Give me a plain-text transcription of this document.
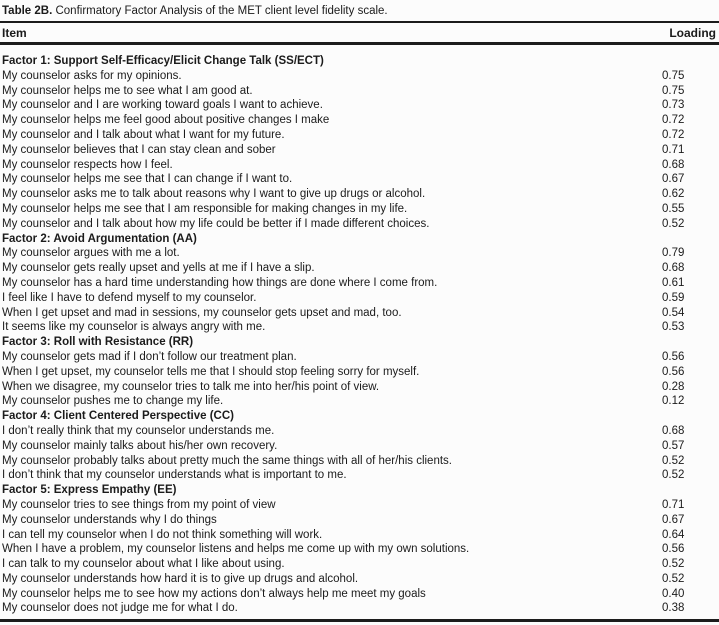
Table 2B. Confirmatory Factor Analysis of the MET client level fidelity scale.
Item	Loading
Factor 1: Support Self-Efficacy/Elicit Change Talk (SS/ECT)
My counselor asks for my opinions.	0.75
My counselor helps me to see what I am good at.	0.75
My counselor and I are working toward goals I want to achieve.	0.73
My counselor helps me feel good about positive changes I make	0.72
My counselor and I talk about what I want for my future.	0.72
My counselor believes that I can stay clean and sober	0.71
My counselor respects how I feel.	0.68
My counselor helps me see that I can change if I want to.	0.67
My counselor asks me to talk about reasons why I want to give up drugs or alcohol.	0.62
My counselor helps me see that I am responsible for making changes in my life.	0.55
My counselor and I talk about how my life could be better if I made different choices.	0.52
Factor 2: Avoid Argumentation (AA)
My counselor argues with me a lot.	0.79
My counselor gets really upset and yells at me if I have a slip.	0.68
My counselor has a hard time understanding how things are done where I come from.	0.61
I feel like I have to defend myself to my counselor.	0.59
When I get upset and mad in sessions, my counselor gets upset and mad, too.	0.54
It seems like my counselor is always angry with me.	0.53
Factor 3: Roll with Resistance (RR)
My counselor gets mad if I don’t follow our treatment plan.	0.56
When I get upset, my counselor tells me that I should stop feeling sorry for myself.	0.56
When we disagree, my counselor tries to talk me into her/his point of view.	0.28
My counselor pushes me to change my life.	0.12
Factor 4: Client Centered Perspective (CC)
I don’t really think that my counselor understands me.	0.68
My counselor mainly talks about his/her own recovery.	0.57
My counselor probably talks about pretty much the same things with all of her/his clients.	0.52
I don’t think that my counselor understands what is important to me.	0.52
Factor 5: Express Empathy (EE)
My counselor tries to see things from my point of view	0.71
My counselor understands why I do things	0.67
I can tell my counselor when I do not think something will work.	0.64
When I have a problem, my counselor listens and helps me come up with my own solutions.	0.56
I can talk to my counselor about what I like about using.	0.52
My counselor understands how hard it is to give up drugs and alcohol.	0.52
My counselor helps me to see how my actions don’t always help me meet my goals	0.40
My counselor does not judge me for what I do.	0.38
